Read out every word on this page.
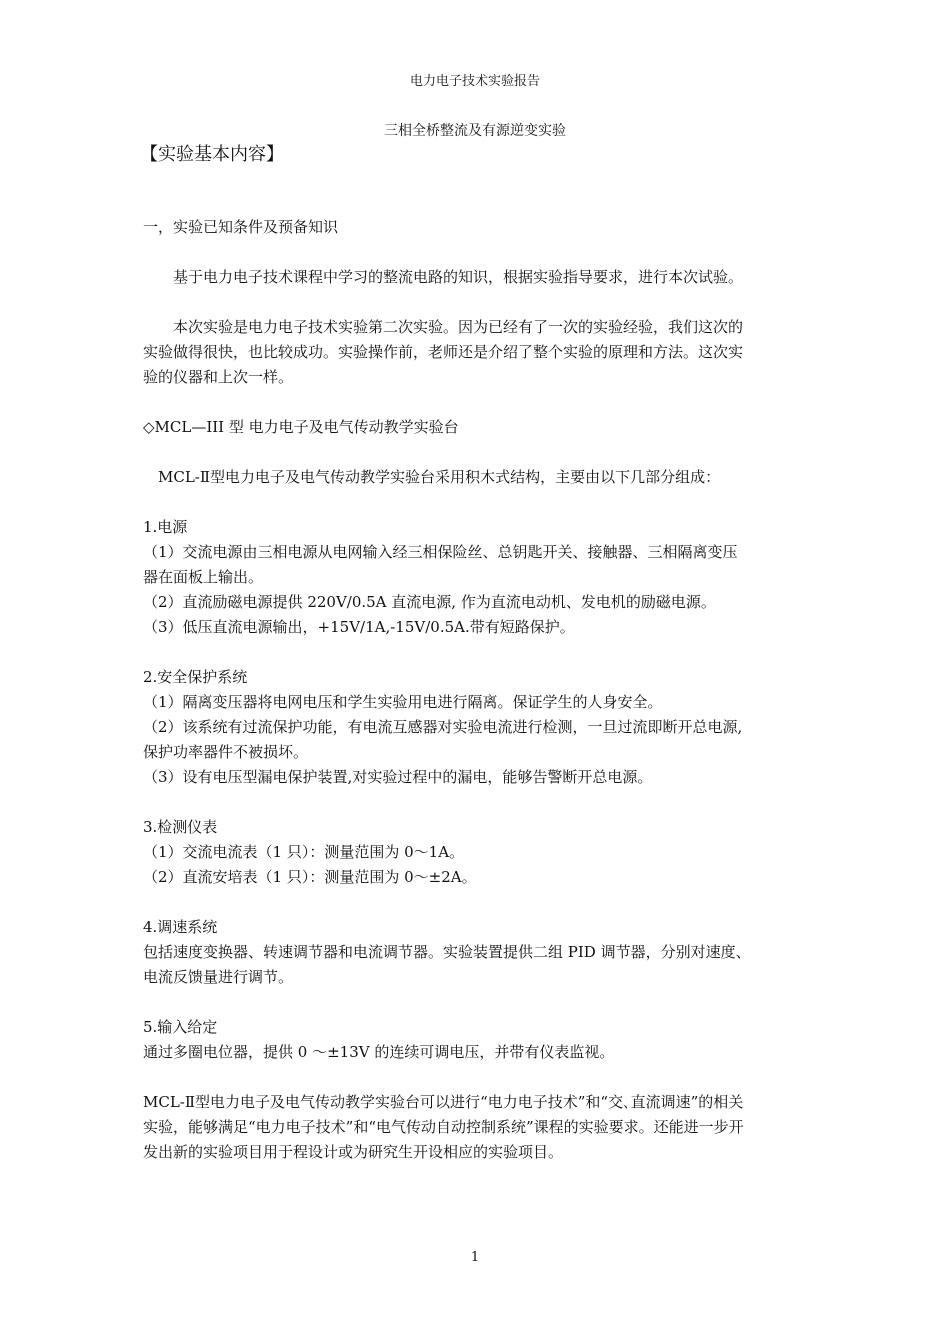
电力电子技术实验报告
三相全桥整流及有源逆变实验
【实验基本内容】
一，实验已知条件及预备知识
基于电力电子技术课程中学习的整流电路的知识，根据实验指导要求，进行本次试验。
本次实验是电力电子技术实验第二次实验。因为已经有了一次的实验经验，我们这次的
实验做得很快，也比较成功。实验操作前，老师还是介绍了整个实验的原理和方法。这次实
验的仪器和上次一样。
◇MCL—III 型 电力电子及电气传动教学实验台
MCL-Ⅱ型电力电子及电气传动教学实验台采用积木式结构，主要由以下几部分组成：
1.电源
（1）交流电源由三相电源从电网输入经三相保险丝、总钥匙开关、接触器、三相隔离变压
器在面板上输出。
（2）直流励磁电源提供 220V/0.5A 直流电源, 作为直流电动机、发电机的励磁电源。
（3）低压直流电源输出，+15V/1A,-15V/0.5A.带有短路保护。
2.安全保护系统
（1）隔离变压器将电网电压和学生实验用电进行隔离。保证学生的人身安全。
（2）该系统有过流保护功能，有电流互感器对实验电流进行检测，一旦过流即断开总电源,
保护功率器件不被损坏。
（3）设有电压型漏电保护装置,对实验过程中的漏电，能够告警断开总电源。
3.检测仪表
（1）交流电流表（1 只）：测量范围为 0～1A。
（2）直流安培表（1 只）：测量范围为 0～±2A。
4.调速系统
包括速度变换器、转速调节器和电流调节器。实验装置提供二组 PID 调节器，分别对速度、
电流反馈量进行调节。
5.输入给定
通过多圈电位器，提供 0 ～±13V 的连续可调电压，并带有仪表监视。
MCL-Ⅱ型电力电子及电气传动教学实验台可以进行“电力电子技术”和“交､直流调速”的相关
实验，能够满足“电力电子技术”和“电气传动自动控制系统”课程的实验要求。还能进一步开
发出新的实验项目用于程设计或为研究生开设相应的实验项目。
1
